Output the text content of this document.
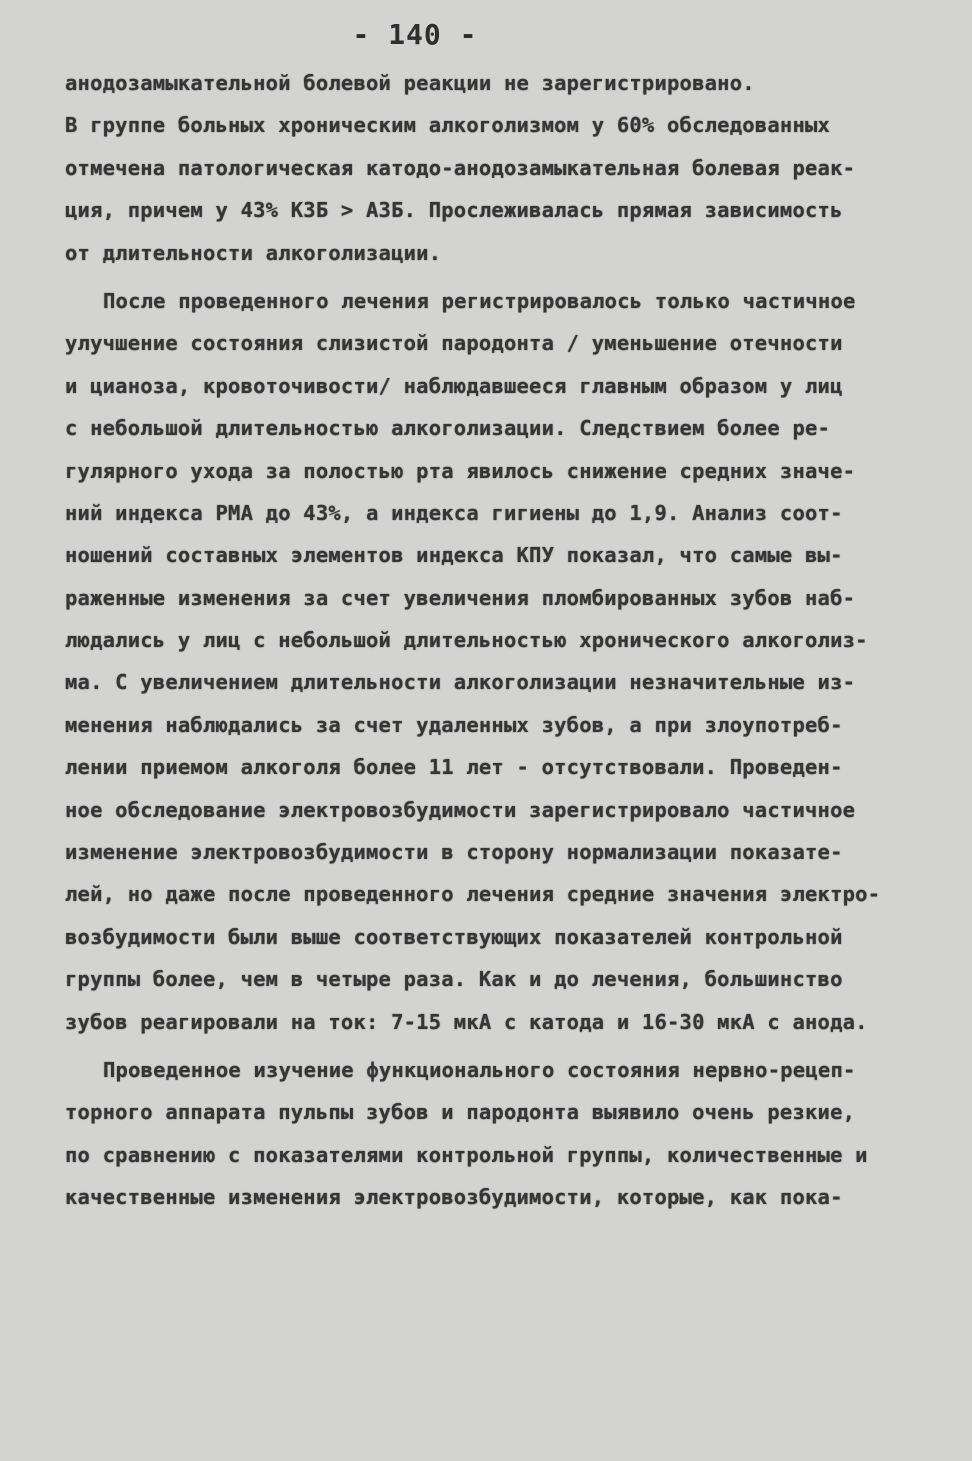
- 140 -
анодозамыкательной болевой реакции не зарегистрировано.
В группе больных хроническим алкоголизмом у 60% обследованных
отмечена патологическая катодо-анодозамыкательная болевая реак-
ция, причем у 43% КЗБ > АЗБ. Прослеживалась прямая зависимость
от длительности алкоголизации.
После проведенного лечения регистрировалось только частичное
улучшение состояния слизистой пародонта / уменьшение отечности
и цианоза, кровоточивости/ наблюдавшееся главным образом у лиц
с небольшой длительностью алкоголизации. Следствием более ре-
гулярного ухода за полостью рта явилось снижение средних значе-
ний индекса РМА до 43%, а индекса гигиены до 1,9. Анализ соот-
ношений составных элементов индекса КПУ показал, что самые вы-
раженные изменения за счет увеличения пломбированных зубов наб-
людались у лиц с небольшой длительностью хронического алкоголиз-
ма. С увеличением длительности алкоголизации незначительные из-
менения наблюдались за счет удаленных зубов, а при злоупотреб-
лении приемом алкоголя более 11 лет - отсутствовали. Проведен-
ное обследование электровозбудимости зарегистрировало частичное
изменение электровозбудимости в сторону нормализации показате-
лей, но даже после проведенного лечения средние значения электро-
возбудимости были выше соответствующих показателей контрольной
группы более, чем в четыре раза. Как и до лечения, большинство
зубов реагировали на ток: 7-15 мкА с катода и 16-30 мкА с анода.
Проведенное изучение функционального состояния нервно-рецеп-
торного аппарата пульпы зубов и пародонта выявило очень резкие,
по сравнению с показателями контрольной группы, количественные и
качественные изменения электровозбудимости, которые, как пока-
